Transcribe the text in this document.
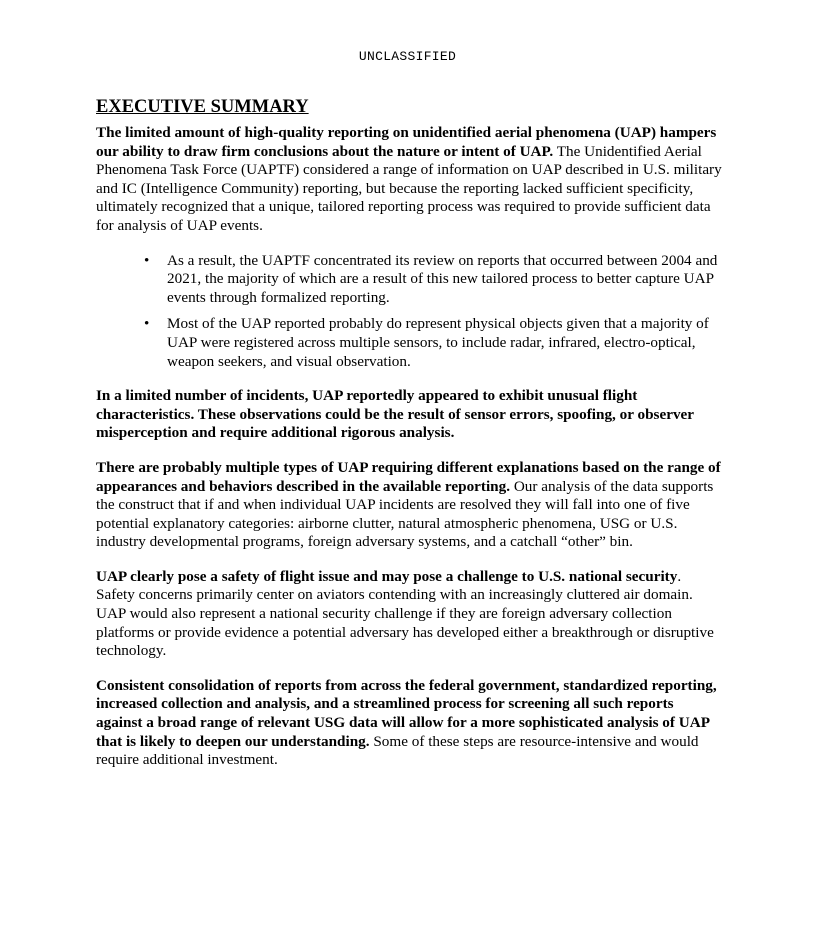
UNCLASSIFIED
EXECUTIVE SUMMARY

The limited amount of high-quality reporting on unidentified aerial phenomena (UAP) hampers our ability to draw firm conclusions about the nature or intent of UAP. The Unidentified Aerial Phenomena Task Force (UAPTF) considered a range of information on UAP described in U.S. military and IC (Intelligence Community) reporting, but because the reporting lacked sufficient specificity, ultimately recognized that a unique, tailored reporting process was required to provide sufficient data for analysis of UAP events.

• As a result, the UAPTF concentrated its review on reports that occurred between 2004 and 2021, the majority of which are a result of this new tailored process to better capture UAP events through formalized reporting.
• Most of the UAP reported probably do represent physical objects given that a majority of UAP were registered across multiple sensors, to include radar, infrared, electro-optical, weapon seekers, and visual observation.

In a limited number of incidents, UAP reportedly appeared to exhibit unusual flight characteristics. These observations could be the result of sensor errors, spoofing, or observer misperception and require additional rigorous analysis.

There are probably multiple types of UAP requiring different explanations based on the range of appearances and behaviors described in the available reporting. Our analysis of the data supports the construct that if and when individual UAP incidents are resolved they will fall into one of five potential explanatory categories: airborne clutter, natural atmospheric phenomena, USG or U.S. industry developmental programs, foreign adversary systems, and a catchall “other” bin.

UAP clearly pose a safety of flight issue and may pose a challenge to U.S. national security. Safety concerns primarily center on aviators contending with an increasingly cluttered air domain. UAP would also represent a national security challenge if they are foreign adversary collection platforms or provide evidence a potential adversary has developed either a breakthrough or disruptive technology.

Consistent consolidation of reports from across the federal government, standardized reporting, increased collection and analysis, and a streamlined process for screening all such reports against a broad range of relevant USG data will allow for a more sophisticated analysis of UAP that is likely to deepen our understanding. Some of these steps are resource-intensive and would require additional investment.
